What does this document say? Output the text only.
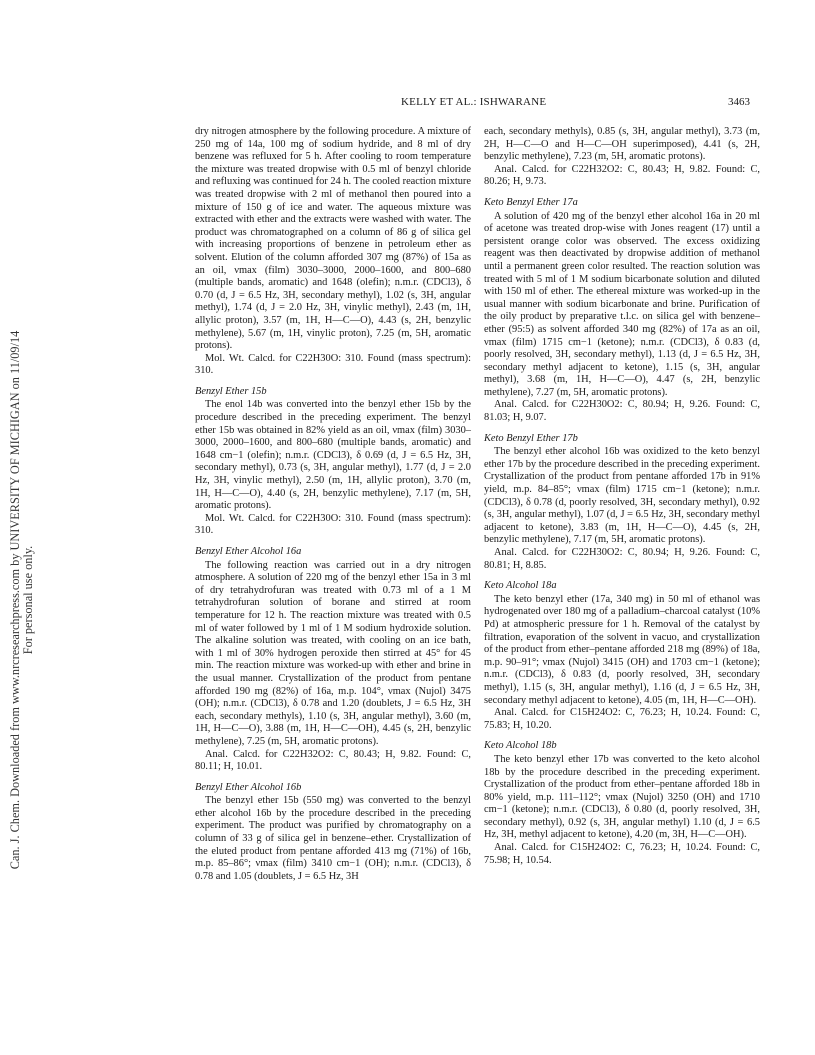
Can. J. Chem. Downloaded from www.nrcresearchpress.com by UNIVERSITY OF MICHIGAN on 11/09/14 For personal use only.
KELLY ET AL.: ISHWARANE	3463

dry nitrogen atmosphere by the following procedure. A mixture of 250 mg of 14a, 100 mg of sodium hydride, and 8 ml of dry benzene was refluxed for 5 h. After cooling to room temperature the mixture was treated dropwise with 0.5 ml of benzyl chloride and refluxing was continued for 24 h. The cooled reaction mixture was treated dropwise with 2 ml of methanol then poured into a mixture of 150 g of ice and water. The aqueous mixture was extracted with ether and the extracts were washed with water. The product was chromatographed on a column of 86 g of silica gel with increasing proportions of benzene in petroleum ether as solvent. Elution of the column afforded 307 mg (87%) of 15a as an oil, νmax (film) 3030–3000, 2000–1600, and 800–680 (multiple bands, aromatic) and 1648 (olefin); n.m.r. (CDCl3), δ 0.70 (d, J = 6.5 Hz, 3H, secondary methyl), 1.02 (s, 3H, angular methyl), 1.74 (d, J = 2.0 Hz, 3H, vinylic methyl), 2.43 (m, 1H, allylic proton), 3.57 (m, 1H, H—C—O), 4.43 (s, 2H, benzylic methylene), 5.67 (m, 1H, vinylic proton), 7.25 (m, 5H, aromatic protons).

Mol. Wt. Calcd. for C22H30O: 310. Found (mass spectrum): 310.

Benzyl Ether 15b

The enol 14b was converted into the benzyl ether 15b by the procedure described in the preceding experiment. The benzyl ether 15b was obtained in 82% yield as an oil, νmax (film) 3030–3000, 2000–1600, and 800–680 (multiple bands, aromatic) and 1648 cm−1 (olefin); n.m.r. (CDCl3), δ 0.69 (d, J = 6.5 Hz, 3H, secondary methyl), 0.73 (s, 3H, angular methyl), 1.77 (d, J = 2.0 Hz, 3H, vinylic methyl), 2.50 (m, 1H, allylic proton), 3.70 (m, 1H, H—C—O), 4.40 (s, 2H, benzylic methylene), 7.17 (m, 5H, aromatic protons).

Mol. Wt. Calcd. for C22H30O: 310. Found (mass spectrum): 310.

Benzyl Ether Alcohol 16a

The following reaction was carried out in a dry nitrogen atmosphere. A solution of 220 mg of the benzyl ether 15a in 3 ml of dry tetrahydrofuran was treated with 0.73 ml of a 1 M tetrahydrofuran solution of borane and stirred at room temperature for 12 h. The reaction mixture was treated with 0.5 ml of water followed by 1 ml of 1 M sodium hydroxide solution. The alkaline solution was treated, with cooling on an ice bath, with 1 ml of 30% hydrogen peroxide then stirred at 45° for 45 min. The reaction mixture was worked-up with ether and brine in the usual manner. Crystallization of the product from pentane afforded 190 mg (82%) of 16a, m.p. 104°, νmax (Nujol) 3475 (OH); n.m.r. (CDCl3), δ 0.78 and 1.20 (doublets, J = 6.5 Hz, 3H each, secondary methyls), 1.10 (s, 3H, angular methyl), 3.60 (m, 1H, H—C—O), 3.88 (m, 1H, H—C—OH), 4.45 (s, 2H, benzylic methylene), 7.25 (m, 5H, aromatic protons).

Anal. Calcd. for C22H32O2: C, 80.43; H, 9.82. Found: C, 80.11; H, 10.01.

Benzyl Ether Alcohol 16b

The benzyl ether 15b (550 mg) was converted to the benzyl ether alcohol 16b by the procedure described in the preceding experiment. The product was purified by chromatography on a column of 33 g of silica gel in benzene–ether. Crystallization of the eluted product from pentane afforded 413 mg (71%) of 16b, m.p. 85–86°; νmax (film) 3410 cm−1 (OH); n.m.r. (CDCl3), δ 0.78 and 1.05 (doublets, J = 6.5 Hz, 3H

each, secondary methyls), 0.85 (s, 3H, angular methyl), 3.73 (m, 2H, H—C—O and H—C—OH superimposed), 4.41 (s, 2H, benzylic methylene), 7.23 (m, 5H, aromatic protons).

Anal. Calcd. for C22H32O2: C, 80.43; H, 9.82. Found: C, 80.26; H, 9.73.

Keto Benzyl Ether 17a

A solution of 420 mg of the benzyl ether alcohol 16a in 20 ml of acetone was treated drop-wise with Jones reagent (17) until a persistent orange color was observed. The excess oxidizing reagent was then deactivated by dropwise addition of methanol until a permanent green color resulted. The reaction solution was treated with 5 ml of 1 M sodium bicarbonate solution and diluted with 150 ml of ether. The ethereal mixture was worked-up in the usual manner with sodium bicarbonate and brine. Purification of the oily product by preparative t.l.c. on silica gel with benzene–ether (95:5) as solvent afforded 340 mg (82%) of 17a as an oil, νmax (film) 1715 cm−1 (ketone); n.m.r. (CDCl3), δ 0.83 (d, poorly resolved, 3H, secondary methyl), 1.13 (d, J = 6.5 Hz, 3H, secondary methyl adjacent to ketone), 1.15 (s, 3H, angular methyl), 3.68 (m, 1H, H—C—O), 4.47 (s, 2H, benzylic methylene), 7.27 (m, 5H, aromatic protons).

Anal. Calcd. for C22H30O2: C, 80.94; H, 9.26. Found: C, 81.03; H, 9.07.

Keto Benzyl Ether 17b

The benzyl ether alcohol 16b was oxidized to the keto benzyl ether 17b by the procedure described in the preceding experiment. Crystallization of the product from pentane afforded 17b in 91% yield, m.p. 84–85°; νmax (film) 1715 cm−1 (ketone); n.m.r. (CDCl3), δ 0.78 (d, poorly resolved, 3H, secondary methyl), 0.92 (s, 3H, angular methyl), 1.07 (d, J = 6.5 Hz, 3H, secondary methyl adjacent to ketone), 3.83 (m, 1H, H—C—O), 4.45 (s, 2H, benzylic methylene), 7.17 (m, 5H, aromatic protons).

Anal. Calcd. for C22H30O2: C, 80.94; H, 9.26. Found: C, 80.81; H, 8.85.

Keto Alcohol 18a

The keto benzyl ether (17a, 340 mg) in 50 ml of ethanol was hydrogenated over 180 mg of a palladium–charcoal catalyst (10% Pd) at atmospheric pressure for 1 h. Removal of the catalyst by filtration, evaporation of the solvent in vacuo, and crystallization of the product from ether–pentane afforded 218 mg (89%) of 18a, m.p. 90–91°; νmax (Nujol) 3415 (OH) and 1703 cm−1 (ketone); n.m.r. (CDCl3), δ 0.83 (d, poorly resolved, 3H, secondary methyl), 1.15 (s, 3H, angular methyl), 1.16 (d, J = 6.5 Hz, 3H, secondary methyl adjacent to ketone), 4.05 (m, 1H, H—C—OH).

Anal. Calcd. for C15H24O2: C, 76.23; H, 10.24. Found: C, 75.83; H, 10.20.

Keto Alcohol 18b

The keto benzyl ether 17b was converted to the keto alcohol 18b by the procedure described in the preceding experiment. Crystallization of the product from ether–pentane afforded 18b in 80% yield, m.p. 111–112°; νmax (Nujol) 3250 (OH) and 1710 cm−1 (ketone); n.m.r. (CDCl3), δ 0.80 (d, poorly resolved, 3H, secondary methyl), 0.92 (s, 3H, angular methyl) 1.10 (d, J = 6.5 Hz, 3H, methyl adjacent to ketone), 4.20 (m, 3H, H—C—OH).

Anal. Calcd. for C15H24O2: C, 76.23; H, 10.24. Found: C, 75.98; H, 10.54.
